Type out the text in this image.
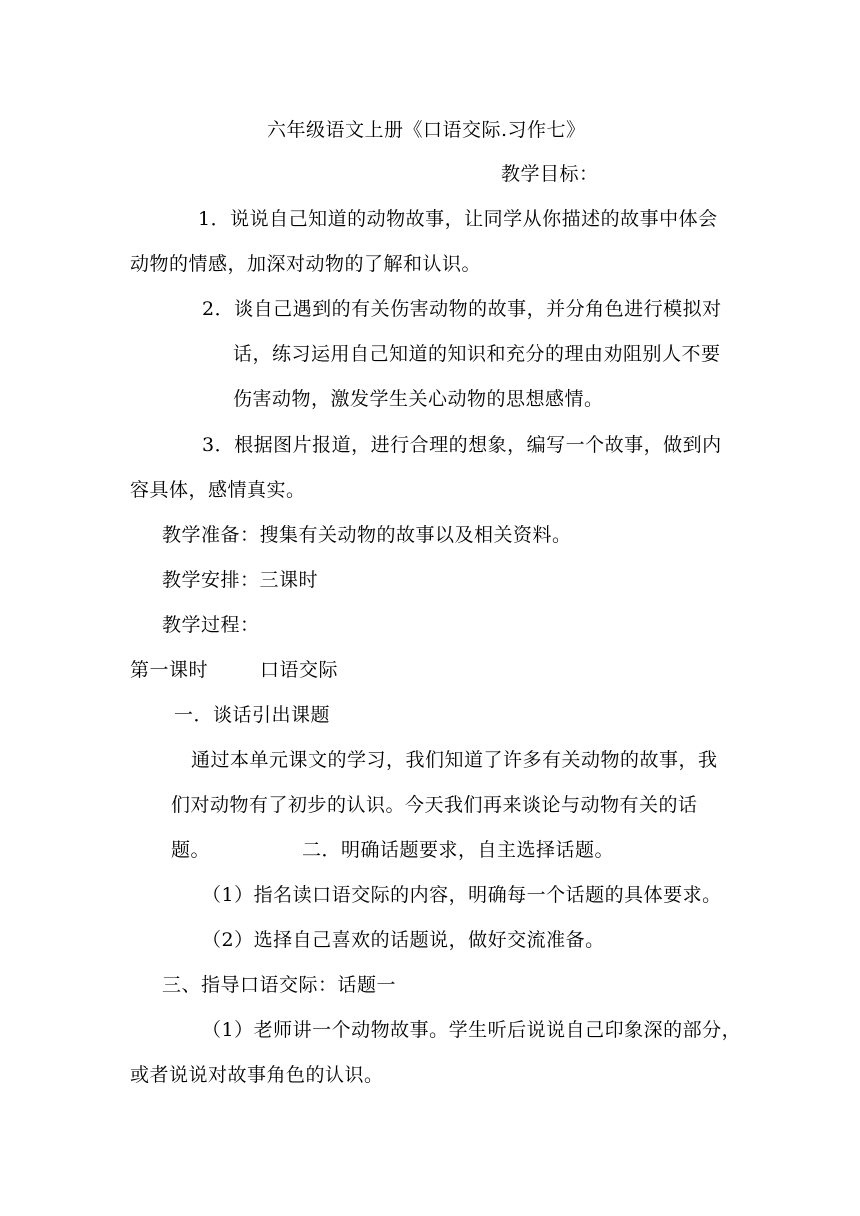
六年级语文上册《口语交际.习作七》
教学目标：
1．说说自己知道的动物故事，让同学从你描述的故事中体会
动物的情感，加深对动物的了解和认识。
2．谈自己遇到的有关伤害动物的故事，并分角色进行模拟对
话，练习运用自己知道的知识和充分的理由劝阻别人不要
伤害动物，激发学生关心动物的思想感情。
3．根据图片报道，进行合理的想象，编写一个故事，做到内
容具体，感情真实。
教学准备：搜集有关动物的故事以及相关资料。
教学安排：三课时
教学过程：
第一课时	口语交际
一．谈话引出课题
通过本单元课文的学习，我们知道了许多有关动物的故事，我
们对动物有了初步的认识。今天我们再来谈论与动物有关的话
题。	二．明确话题要求，自主选择话题。
（1）指名读口语交际的内容，明确每一个话题的具体要求。
（2）选择自己喜欢的话题说，做好交流准备。
三、指导口语交际：话题一
（1）老师讲一个动物故事。学生听后说说自己印象深的部分，
或者说说对故事角色的认识。
